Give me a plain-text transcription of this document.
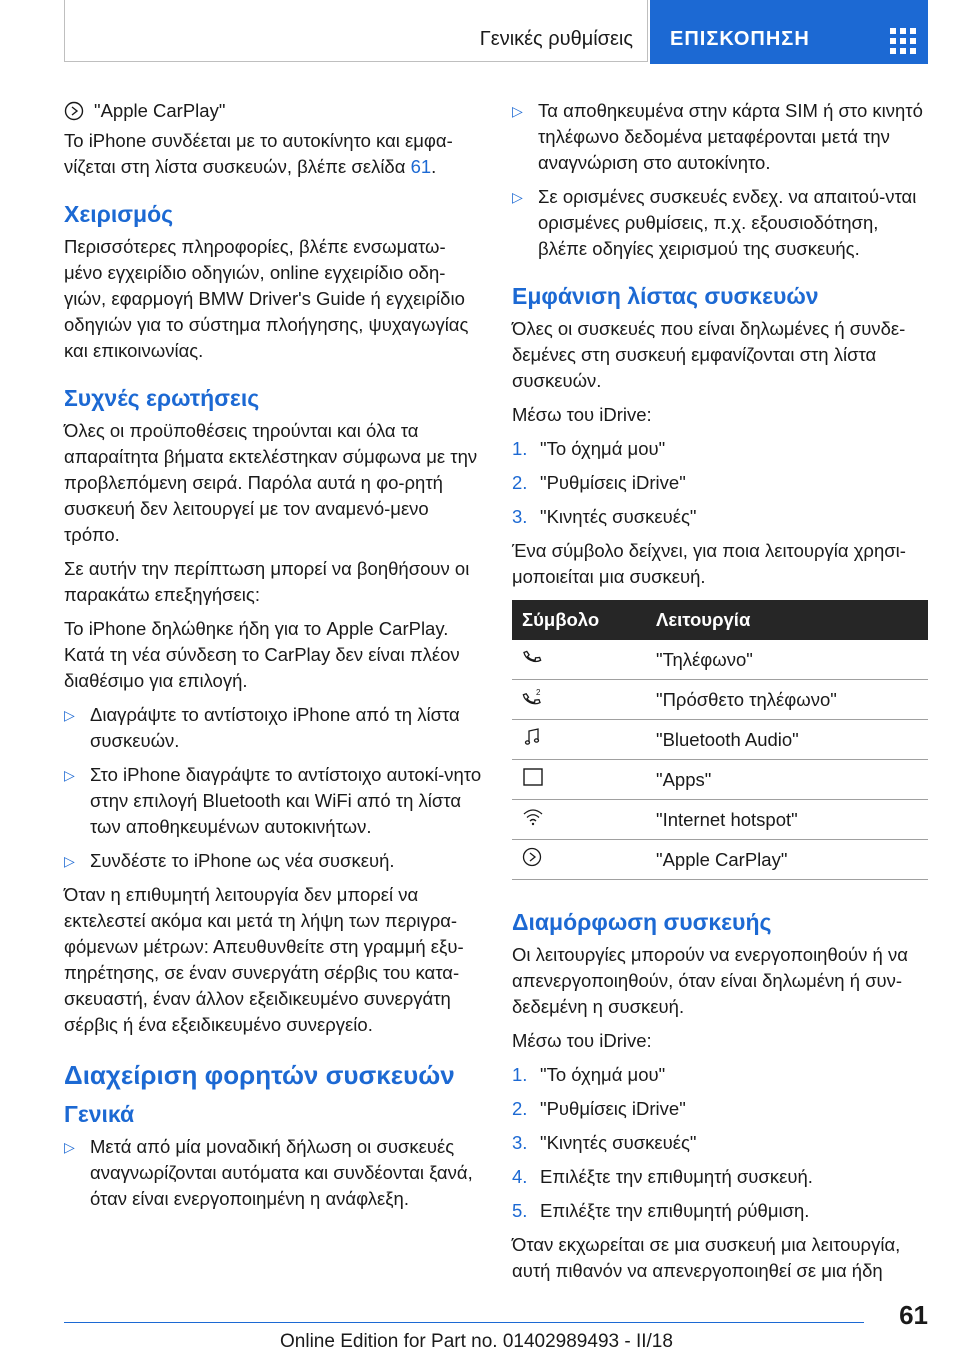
Γενικές ρυθμίσεις ΕΠΙΣΚΟΠΗΣΗ
"Apple CarPlay"

Το iPhone συνδέεται με το αυτοκίνητο και εμφα-νίζεται στη λίστα συσκευών, βλέπε σελίδα 61.

Χειρισμός

Περισσότερες πληροφορίες, βλέπε ενσωματω-μένο εγχειρίδιο οδηγιών, online εγχειρίδιο οδη-γιών, εφαρμογή BMW Driver's Guide ή εγχειρίδιο οδηγιών για το σύστημα πλοήγησης, ψυχαγωγίας και επικοινωνίας.

Συχνές ερωτήσεις

Όλες οι προϋποθέσεις τηρούνται και όλα τα απαραίτητα βήματα εκτελέστηκαν σύμφωνα με την προβλεπόμενη σειρά. Παρόλα αυτά η φο-ρητή συσκευή δεν λειτουργεί με τον αναμενό-μενο τρόπο.

Σε αυτήν την περίπτωση μπορεί να βοηθήσουν οι παρακάτω επεξηγήσεις:

Το iPhone δηλώθηκε ήδη για το Apple CarPlay. Κατά τη νέα σύνδεση το CarPlay δεν είναι πλέον διαθέσιμο για επιλογή.

▷ Διαγράψτε το αντίστοιχο iPhone από τη λίστα συσκευών.
▷ Στο iPhone διαγράψτε το αντίστοιχο αυτοκί-νητο στην επιλογή Bluetooth και WiFi από τη λίστα των αποθηκευμένων αυτοκινήτων.
▷ Συνδέστε το iPhone ως νέα συσκευή.

Όταν η επιθυμητή λειτουργία δεν μπορεί να εκτελεστεί ακόμα και μετά τη λήψη των περιγρα-φόμενων μέτρων: Απευθυνθείτε στη γραμμή εξυ-πηρέτησης, σε έναν συνεργάτη σέρβις του κατα-σκευαστή, έναν άλλον εξειδικευμένο συνεργάτη σέρβις ή ένα εξειδικευμένο συνεργείο.

Διαχείριση φορητών συσκευών
Γενικά
▷ Μετά από μία μοναδική δήλωση οι συσκευές αναγνωρίζονται αυτόματα και συνδέονται ξανά, όταν είναι ενεργοποιημένη η ανάφλεξη.
▷ Τα αποθηκευμένα στην κάρτα SIM ή στο κινητό τηλέφωνο δεδομένα μεταφέρονται μετά την αναγνώριση στο αυτοκίνητο.
▷ Σε ορισμένες συσκευές ενδεχ. να απαιτού-νται ορισμένες ρυθμίσεις, π.χ. εξουσιοδότηση, βλέπε οδηγίες χειρισμού της συσκευής.
Εμφάνιση λίστας συσκευών

Όλες οι συσκευές που είναι δηλωμένες ή συνδε-δεμένες στη συσκευή εμφανίζονται στη λίστα συσκευών.

Μέσω του iDrive:

1. "Το όχημά μου"
2. "Ρυθμίσεις iDrive"
3. "Κινητές συσκευές"

Ένα σύμβολο δείχνει, για ποια λειτουργία χρησι-μοποιείται μια συσκευή.

Σύμβολο	Λειτουργία
	"Τηλέφωνο"

2	"Πρόσθετο τηλέφωνο"
	"Bluetooth Audio"
	"Apps"
	"Internet hotspot"
	"Apple CarPlay"
Διαμόρφωση συσκευής

Οι λειτουργίες μπορούν να ενεργοποιηθούν ή να απενεργοποιηθούν, όταν είναι δηλωμένη ή συν-δεδεμένη η συσκευή.

Μέσω του iDrive:

1. "Το όχημά μου"
2. "Ρυθμίσεις iDrive"
3. "Κινητές συσκευές"
4. Επιλέξτε την επιθυμητή συσκευή.
5. Επιλέξτε την επιθυμητή ρύθμιση.

Όταν εκχωρείται σε μια συσκευή μια λειτουργία, αυτή πιθανόν να απενεργοποιηθεί σε μια ήδη

61
Online Edition for Part no. 01402989493 - II/18
